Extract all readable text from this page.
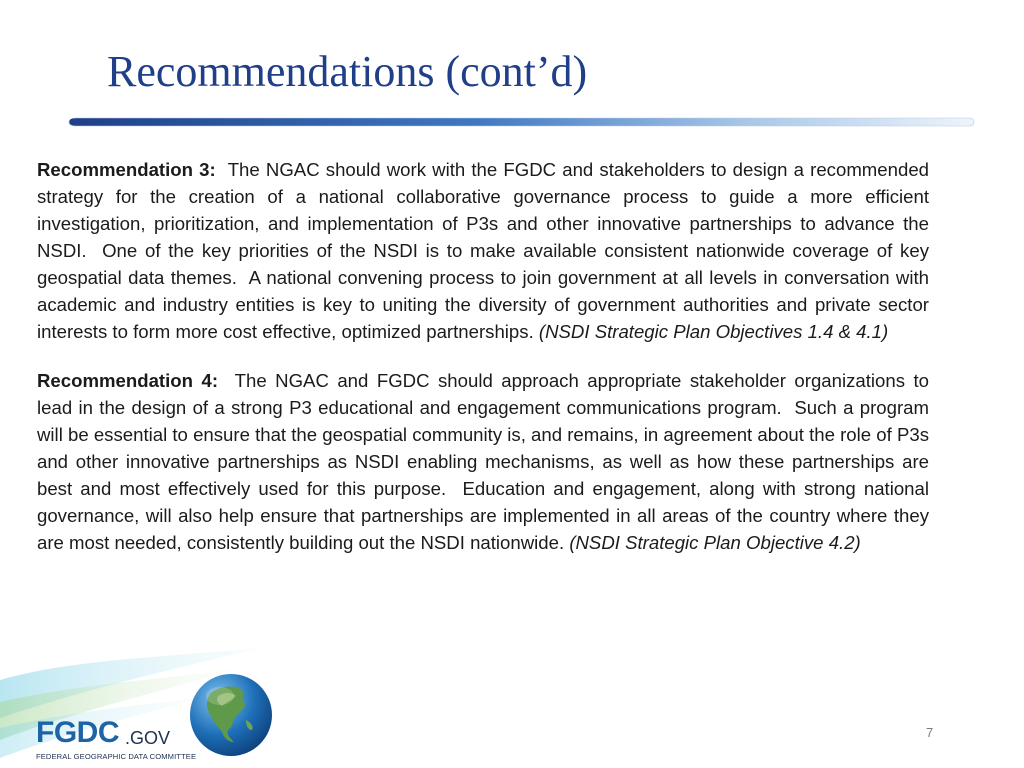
Recommendations (cont’d)

Recommendation 3:  The NGAC should work with the FGDC and stakeholders to design a recommended strategy for the creation of a national collaborative governance process to guide a more efficient investigation, prioritization, and implementation of P3s and other innovative partnerships to advance the NSDI.  One of the key priorities of the NSDI is to make available consistent nationwide coverage of key geospatial data themes.  A national convening process to join government at all levels in conversation with academic and industry entities is key to uniting the diversity of government authorities and private sector interests to form more cost effective, optimized partnerships. (NSDI Strategic Plan Objectives 1.4 & 4.1)

Recommendation 4:  The NGAC and FGDC should approach appropriate stakeholder organizations to lead in the design of a strong P3 educational and engagement communications program.  Such a program will be essential to ensure that the geospatial community is, and remains, in agreement about the role of P3s and other innovative partnerships as NSDI enabling mechanisms, as well as how these partnerships are best and most effectively used for this purpose.  Education and engagement, along with strong national governance, will also help ensure that partnerships are implemented in all areas of the country where they are most needed, consistently building out the NSDI nationwide. (NSDI Strategic Plan Objective 4.2)

FGDC .GOV
FEDERAL GEOGRAPHIC DATA COMMITTEE
7
